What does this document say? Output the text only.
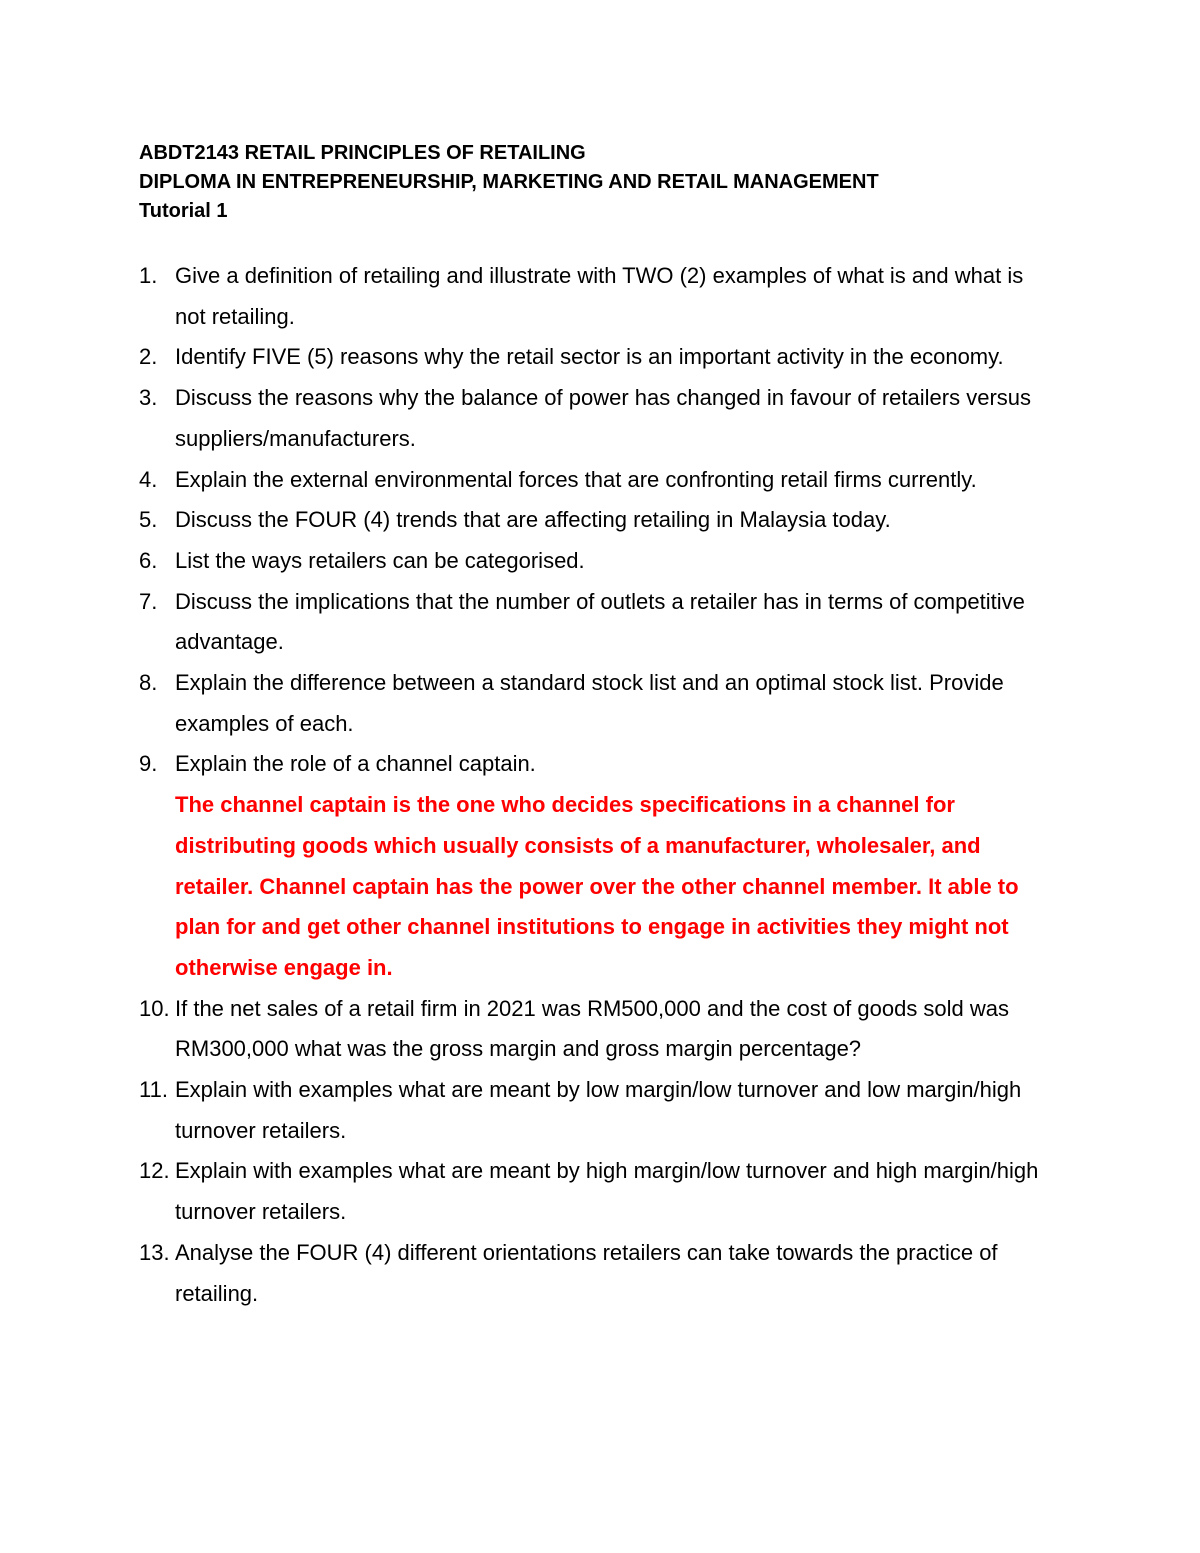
ABDT2143 RETAIL PRINCIPLES OF RETAILING
DIPLOMA IN ENTREPRENEURSHIP, MARKETING AND RETAIL MANAGEMENT
Tutorial 1
1. Give a definition of retailing and illustrate with TWO (2) examples of what is and what is not retailing.
2. Identify FIVE (5) reasons why the retail sector is an important activity in the economy.
3. Discuss the reasons why the balance of power has changed in favour of retailers versus suppliers/manufacturers.
4. Explain the external environmental forces that are confronting retail firms currently.
5. Discuss the FOUR (4) trends that are affecting retailing in Malaysia today.
6. List the ways retailers can be categorised.
7. Discuss the implications that the number of outlets a retailer has in terms of competitive advantage.
8. Explain the difference between a standard stock list and an optimal stock list. Provide examples of each.
9. Explain the role of a channel captain.
The channel captain is the one who decides specifications in a channel for distributing goods which usually consists of a manufacturer, wholesaler, and retailer. Channel captain has the power over the other channel member. It able to plan for and get other channel institutions to engage in activities they might not otherwise engage in.
10. If the net sales of a retail firm in 2021 was RM500,000 and the cost of goods sold was RM300,000 what was the gross margin and gross margin percentage?
11. Explain with examples what are meant by low margin/low turnover and low margin/high turnover retailers.
12. Explain with examples what are meant by high margin/low turnover and high margin/high turnover retailers.
13. Analyse the FOUR (4) different orientations retailers can take towards the practice of retailing.
